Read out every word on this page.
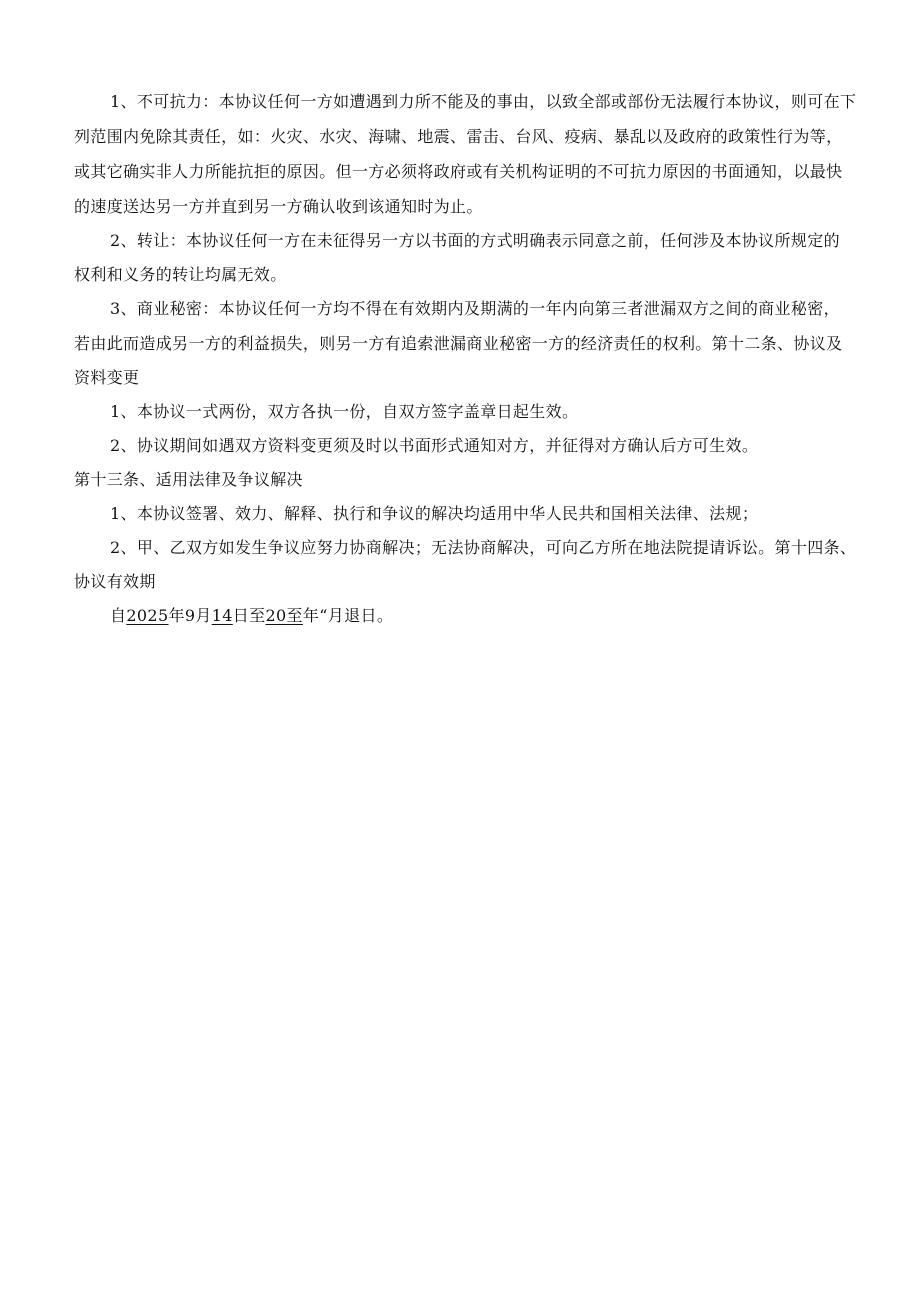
1、不可抗力：本协议任何一方如遭遇到力所不能及的事由，以致全部或部份无法履行本协议，则可在下
列范围内免除其责任，如：火灾、水灾、海啸、地震、雷击、台风、疫病、暴乱以及政府的政策性行为等，
或其它确实非人力所能抗拒的原因。但一方必须将政府或有关机构证明的不可抗力原因的书面通知，以最快
的速度送达另一方并直到另一方确认收到该通知时为止。
2、转让：本协议任何一方在未征得另一方以书面的方式明确表示同意之前，任何涉及本协议所规定的
权利和义务的转让均属无效。
3、商业秘密：本协议任何一方均不得在有效期内及期满的一年内向第三者泄漏双方之间的商业秘密，
若由此而造成另一方的利益损失，则另一方有追索泄漏商业秘密一方的经济责任的权利。第十二条、协议及
资料变更
1、本协议一式两份，双方各执一份，自双方签字盖章日起生效。
2、协议期间如遇双方资料变更须及时以书面形式通知对方，并征得对方确认后方可生效。
第十三条、适用法律及争议解决
1、本协议签署、效力、解释、执行和争议的解决均适用中华人民共和国相关法律、法规；
2、甲、乙双方如发生争议应努力协商解决；无法协商解决，可向乙方所在地法院提请诉讼。第十四条、
协议有效期
自2025年9月14日至20至年“月退日。
